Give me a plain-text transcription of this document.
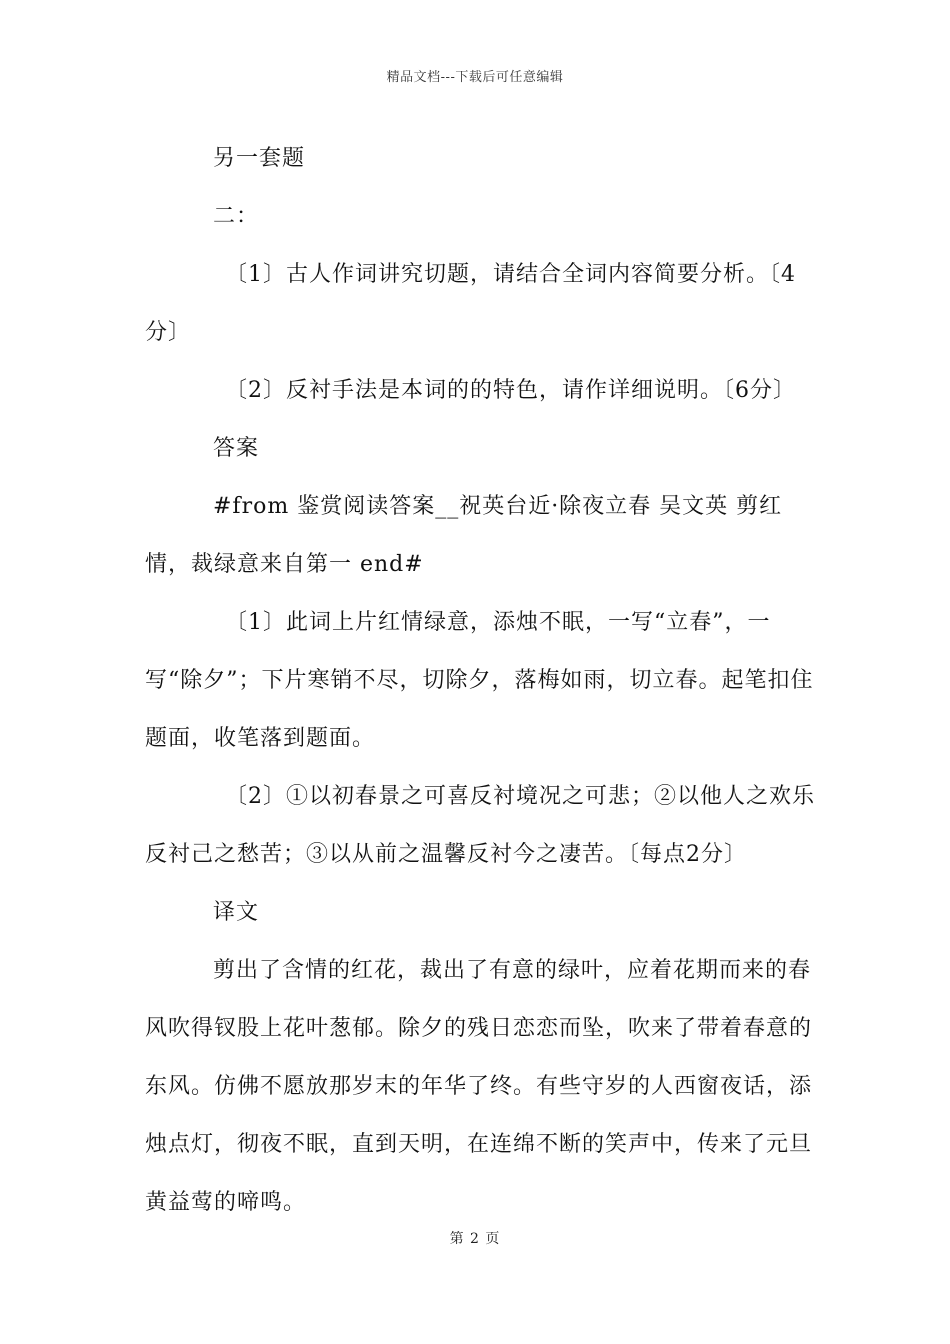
精品文档---下载后可任意编辑

另一套题

二：

〔1〕古人作词讲究切题，请结合全词内容简要分析。〔4分〕

〔2〕反衬手法是本词的的特色，请作详细说明。〔6分〕

答案

#from 鉴赏阅读答案__祝英台近·除夜立春 吴文英 剪红情，裁绿意来自第一 end#

〔1〕此词上片红情绿意，添烛不眠，一写“立春”，一写“除夕”；下片寒销不尽，切除夕，落梅如雨，切立春。起笔扣住题面，收笔落到题面。

〔2〕①以初春景之可喜反衬境况之可悲；②以他人之欢乐反衬己之愁苦；③以从前之温馨反衬今之凄苦。〔每点2分〕

译文

剪出了含情的红花，裁出了有意的绿叶，应着花期而来的春风吹得钗股上花叶葱郁。除夕的残日恋恋而坠，吹来了带着春意的东风。仿佛不愿放那岁末的年华了终。有些守岁的人西窗夜话，添烛点灯，彻夜不眠，直到天明，在连绵不断的笑声中，传来了元旦黄益莺的啼鸣。

第 2 页
